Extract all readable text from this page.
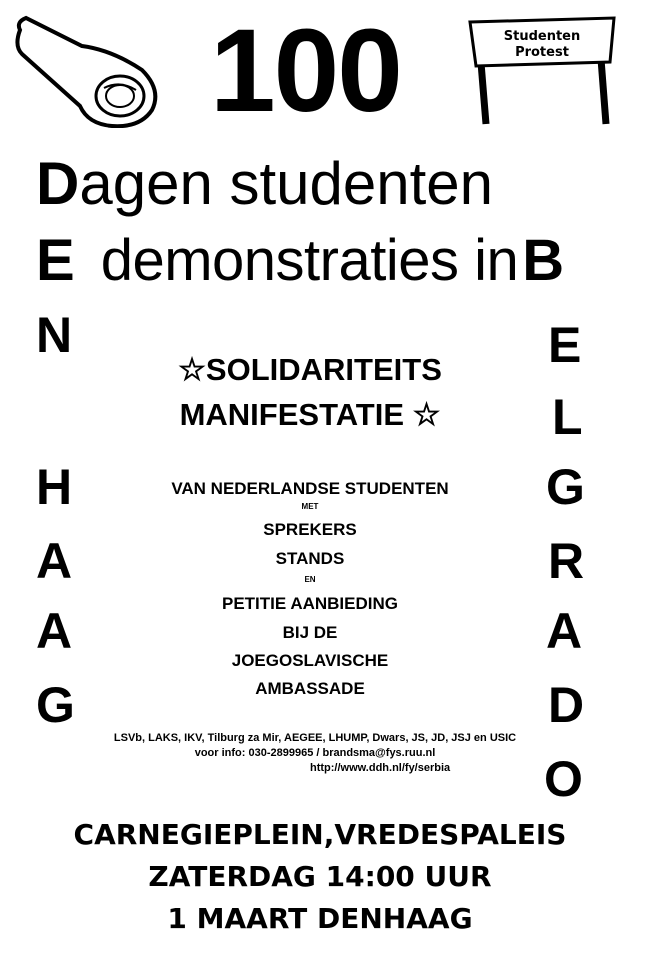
Studenten
Protest
100
Dagen studenten
E demonstraties inB
N
H
A
A
G
E
L
G
R
A
D
O
☆SOLIDARITEITS
MANIFESTATIE ☆
VAN NEDERLANDSE STUDENTEN
MET
SPREKERS
STANDS
EN
PETITIE AANBIEDING
BIJ DE
JOEGOSLAVISCHE
AMBASSADE
LSVb, LAKS, IKV, Tilburg za Mir, AEGEE, LHUMP, Dwars, JS, JD, JSJ en USIC
voor info: 030-2899965 / brandsma@fys.ruu.nl
http://www.ddh.nl/fy/serbia
CARNEGIEPLEIN,VREDESPALEIS
ZATERDAG 14:00 UUR
1 MAART DENHAAG
